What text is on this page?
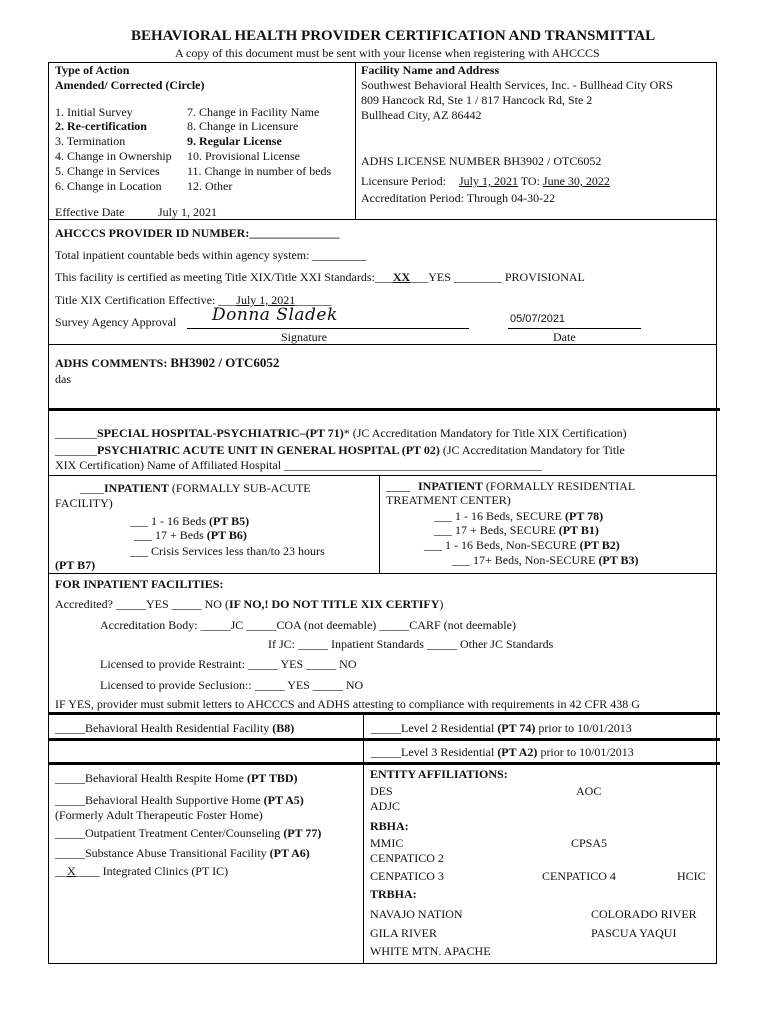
BEHAVIORAL HEALTH PROVIDER CERTIFICATION AND TRANSMITTAL
A copy of this document must be sent with your license when registering with AHCCCS
Type of Action
Amended/ Corrected (Circle)
1. Initial Survey
2. Re-certification
3. Termination
4. Change in Ownership
5. Change in Services
6. Change in Location
7. Change in Facility Name
8. Change in Licensure
9. Regular License
10. Provisional License
11. Change in number of beds
12. Other
Effective Date	July 1, 2021
Facility Name and Address
Southwest Behavioral Health Services, Inc. - Bullhead City ORS
809 Hancock Rd, Ste 1 / 817 Hancock Rd, Ste 2
Bullhead City, AZ 86442
ADHS LICENSE NUMBER BH3902 / OTC6052
Licensure Period: July 1, 2021 TO: June 30, 2022
Accreditation Period: Through 04-30-22
AHCCCS PROVIDER ID NUMBER:_______________
Total inpatient countable beds within agency system: _________
This facility is certified as meeting Title XIX/Title XXI Standards:___XX___YES ________ PROVISIONAL
Title XIX Certification Effective: ___July 1, 2021______
Survey Agency Approval Donna Sladek	05/07/2021
Signature	Date
ADHS COMMENTS: BH3902 / OTC6052
das
_______SPECIAL HOSPITAL-PSYCHIATRIC–(PT 71)* (JC Accreditation Mandatory for Title XIX Certification)
_______PSYCHIATRIC ACUTE UNIT IN GENERAL HOSPITAL (PT 02) (JC Accreditation Mandatory for Title
XIX Certification) Name of Affiliated Hospital ___________________________________________
____INPATIENT (FORMALLY SUB-ACUTE
FACILITY)
___ 1 - 16 Beds (PT B5)
___ 17 + Beds (PT B6)
___ Crisis Services less than/to 23 hours
(PT B7)
____ INPATIENT (FORMALLY RESIDENTIAL
TREATMENT CENTER)
___ 1 - 16 Beds, SECURE (PT 78)
___ 17 + Beds, SECURE (PT B1)
___ 1 - 16 Beds, Non-SECURE (PT B2)
___ 17+ Beds, Non-SECURE (PT B3)
FOR INPATIENT FACILITIES:
Accredited? _____YES _____ NO (IF NO,! DO NOT TITLE XIX CERTIFY)
Accreditation Body: _____JC _____COA (not deemable) _____CARF (not deemable)
If JC: _____ Inpatient Standards _____ Other JC Standards
Licensed to provide Restraint: _____ YES _____ NO
Licensed to provide Seclusion:: _____ YES _____ NO
IF YES, provider must submit letters to AHCCCS and ADHS attesting to compliance with requirements in 42 CFR 438 G
_____Behavioral Health Residential Facility (B8)	_____Level 2 Residential (PT 74) prior to 10/01/2013
_____Level 3 Residential (PT A2) prior to 10/01/2013
_____Behavioral Health Respite Home (PT TBD)
_____Behavioral Health Supportive Home (PT A5)
(Formerly Adult Therapeutic Foster Home)
_____Outpatient Treatment Center/Counseling (PT 77)
_____Substance Abuse Transitional Facility (PT A6)
__X____ Integrated Clinics (PT IC)
ENTITY AFFILIATIONS:
DES	AOC
ADJC
RBHA:
MMIC	CPSA5
CENPATICO 2
CENPATICO 3	CENPATICO 4	HCIC
TRBHA:
NAVAJO NATION	COLORADO RIVER
GILA RIVER	PASCUA YAQUI
WHITE MTN. APACHE
